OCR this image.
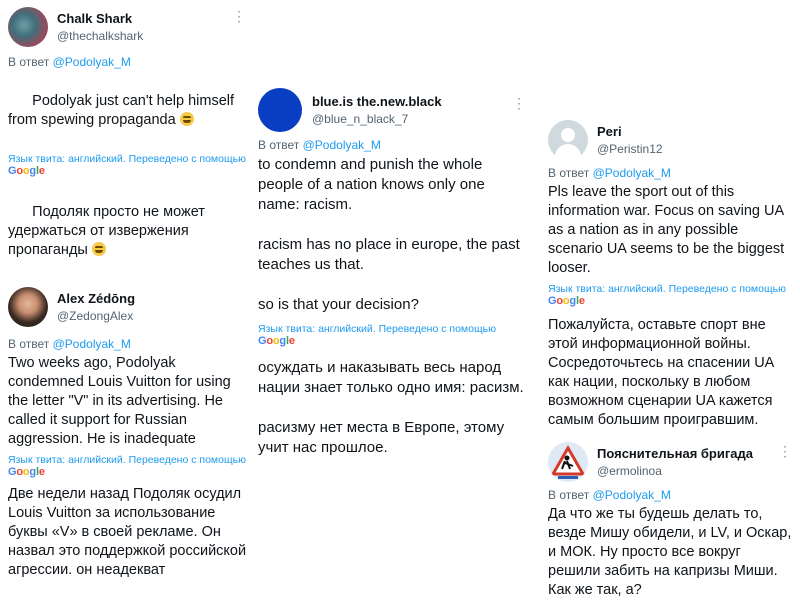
Chalk Shark
@thechalkshark
⋮
В ответ @Podolyak_M

Podolyak just can't help himself from spewing propaganda

Язык твита: английский. Переведено с помощью
Google

Подоляк просто не может удержаться от извержения пропаганды

Alex Zédōng
@ZedongAlex
В ответ @Podolyak_M
Two weeks ago, Podolyak condemned Louis Vuitton for using the letter "V" in its advertising. He called it support for Russian aggression. He is inadequate
Язык твита: английский. Переведено с помощью
Google
Две недели назад Подоляк осудил Louis Vuitton за использование буквы «V» в своей рекламе. Он назвал это поддержкой российской агрессии. он неадекват
blue.is the.new.black
@blue_n_black_7
⋮
В ответ @Podolyak_M
to condemn and punish the whole people of a nation knows only one name: racism.

racism has no place in europe, the past teaches us that.

so is that your decision?
Язык твита: английский. Переведено с помощью
Google
осуждать и наказывать весь народ нации знает только одно имя: расизм.

расизму нет места в Европе, этому учит нас прошлое.
Peri
@Peristin12
В ответ @Podolyak_M
Pls leave the sport out of this information war. Focus on saving UA as a nation as in any possible scenario UA seems to be the biggest looser.
Язык твита: английский. Переведено с помощью
Google
Пожалуйста, оставьте спорт вне этой информационной войны. Сосредоточьтесь на спасении UA как нации, поскольку в любом возможном сценарии UA кажется самым большим проигравшим.
Пояснительная бригада
@ermolinoa
⋮
В ответ @Podolyak_M
Да что же ты будешь делать то, везде Мишу обидели, и LV, и Оскар, и МОК. Ну просто все вокруг решили забить на капризы Миши. Как же так, а?
